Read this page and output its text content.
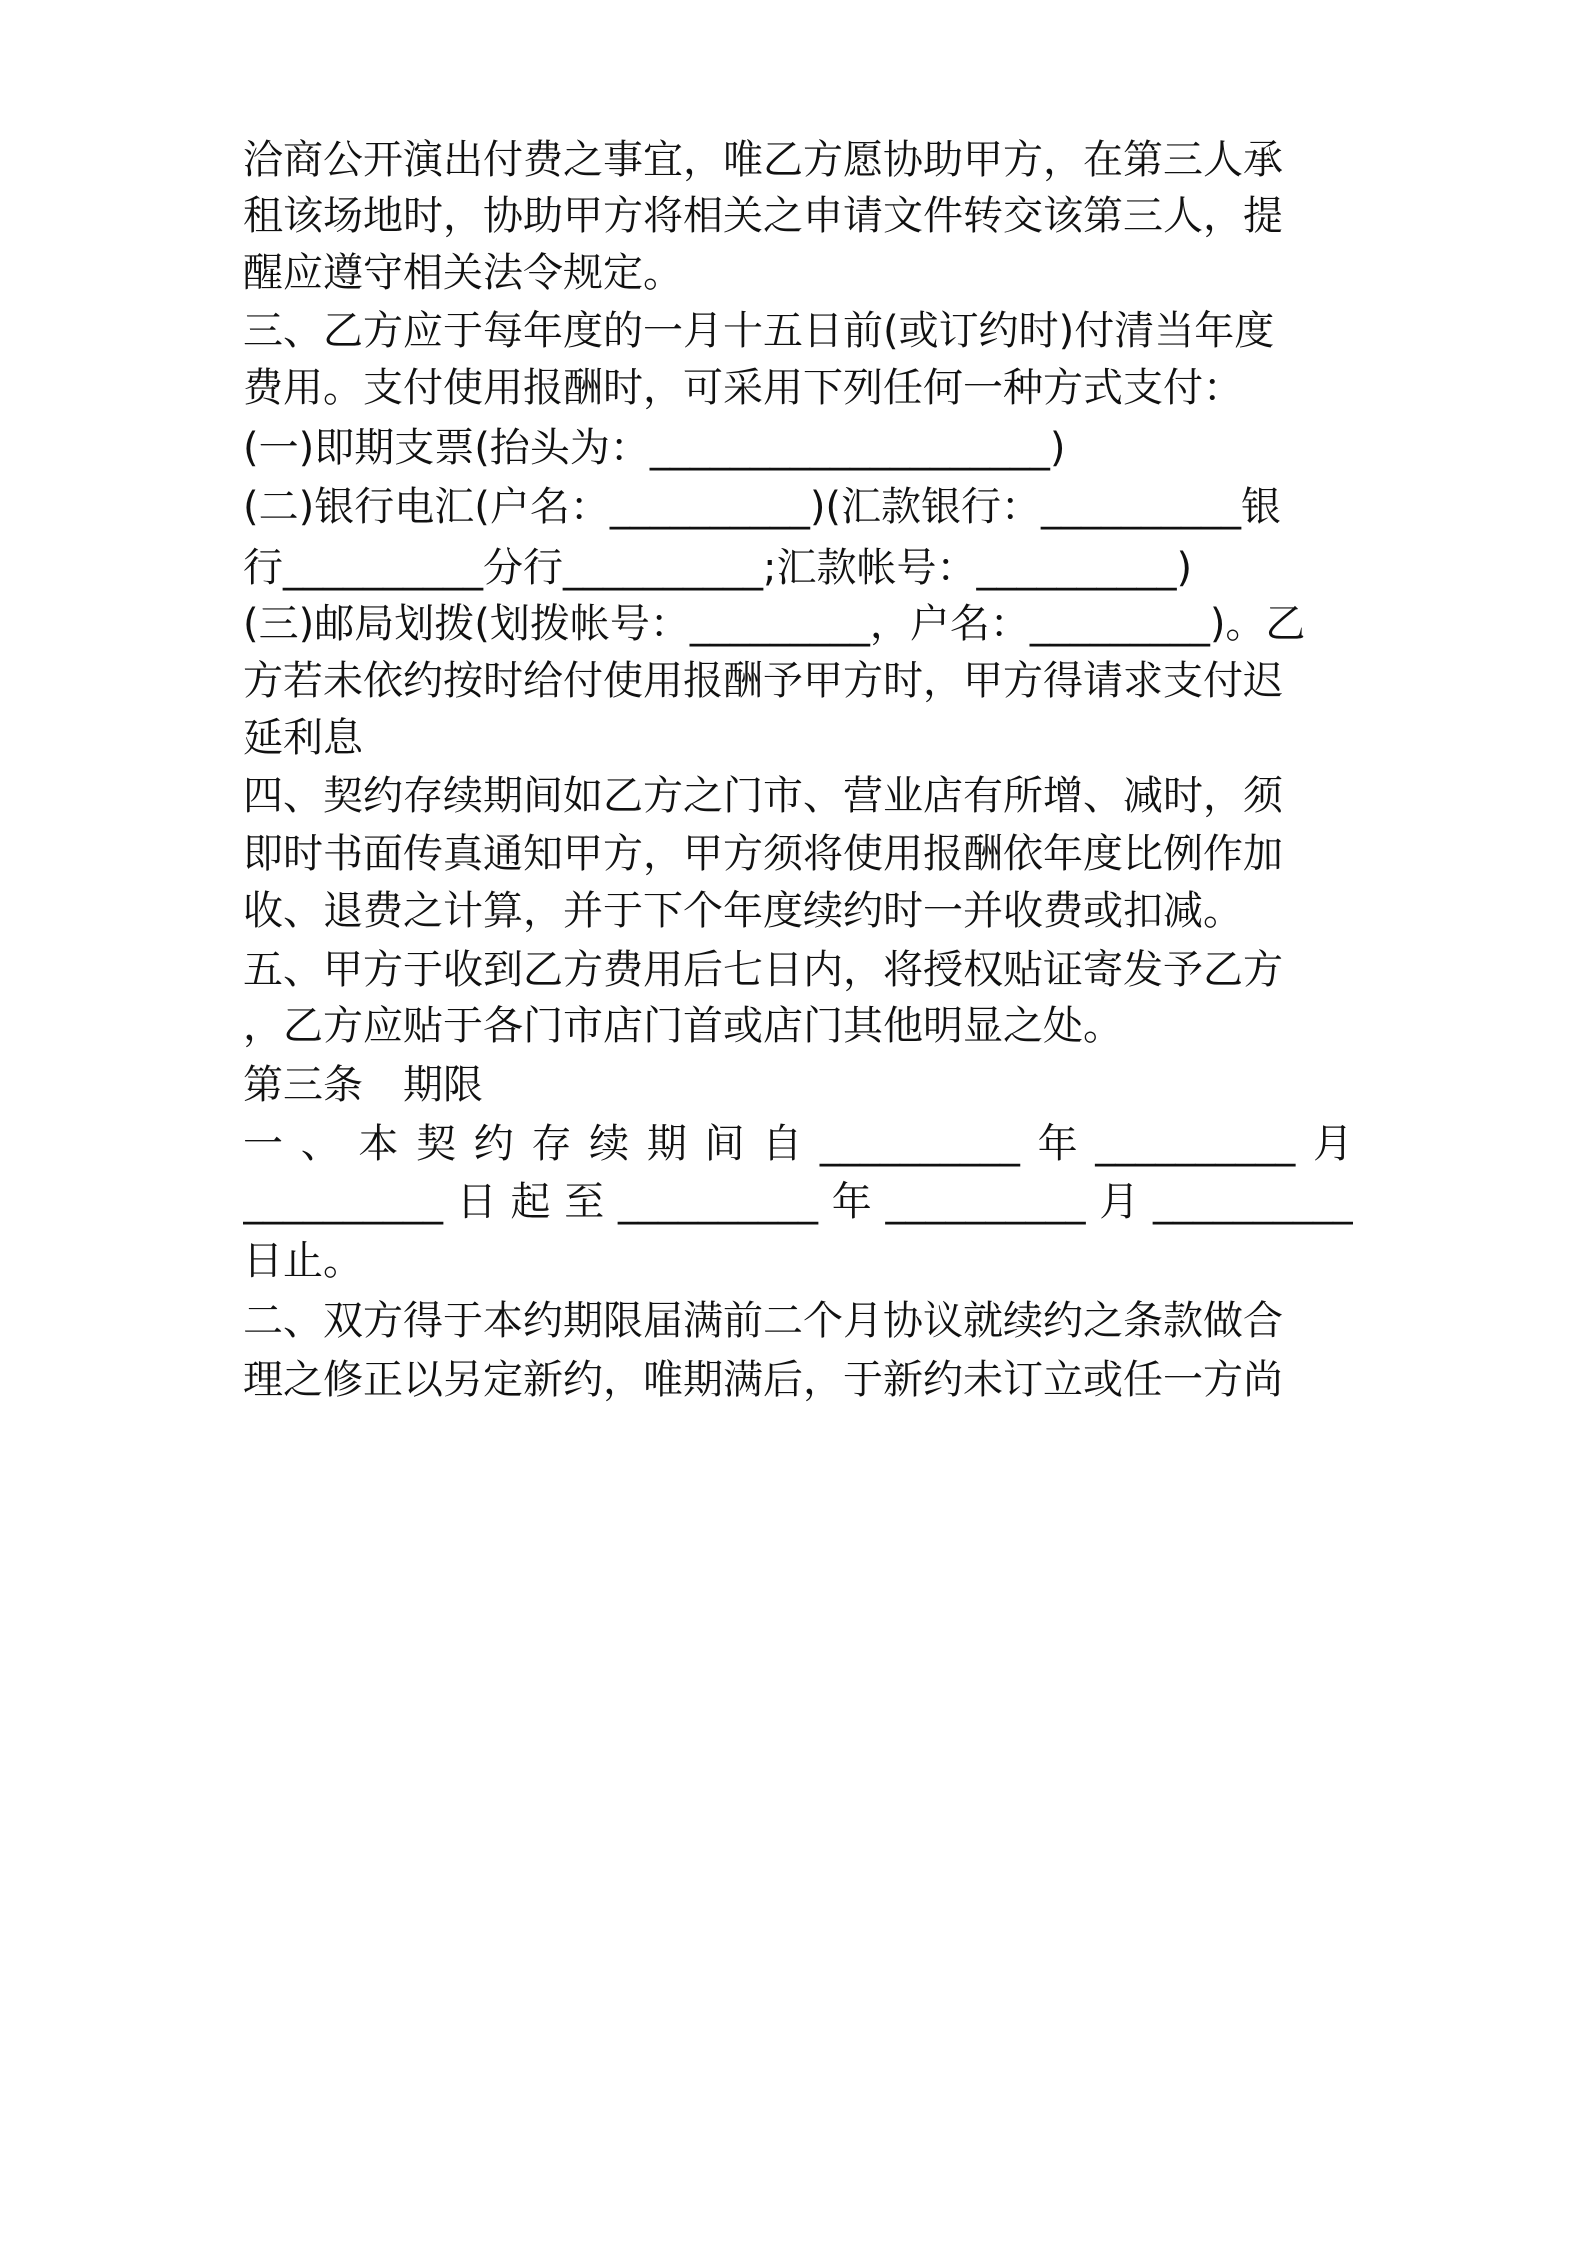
洽商公开演出付费之事宜，唯乙方愿协助甲方，在第三人承
租该场地时，协助甲方将相关之申请文件转交该第三人，提
醒应遵守相关法令规定。
三、乙方应于每年度的一月十五日前(或订约时)付清当年度
费用。支付使用报酬时，可采用下列任何一种方式支付：
(一)即期支票(抬头为：____________________)
(二)银行电汇(户名：__________)(汇款银行：__________银
行__________分行__________;汇款帐号：__________)
(三)邮局划拨(划拨帐号：_________，户名：_________)。乙
方若未依约按时给付使用报酬予甲方时，甲方得请求支付迟
延利息
四、契约存续期间如乙方之门市、营业店有所增、减时，须
即时书面传真通知甲方，甲方须将使用报酬依年度比例作加
收、退费之计算，并于下个年度续约时一并收费或扣减。
五、甲方于收到乙方费用后七日内，将授权贴证寄发予乙方
，乙方应贴于各门市店门首或店门其他明显之处。
第三条　期限
一 、 本 契 约 存 续 期 间 自 __________ 年 __________ 月
__________ 日 起 至 __________ 年 __________ 月 __________
日止。
二、双方得于本约期限届满前二个月协议就续约之条款做合
理之修正以另定新约，唯期满后，于新约未订立或任一方尚
